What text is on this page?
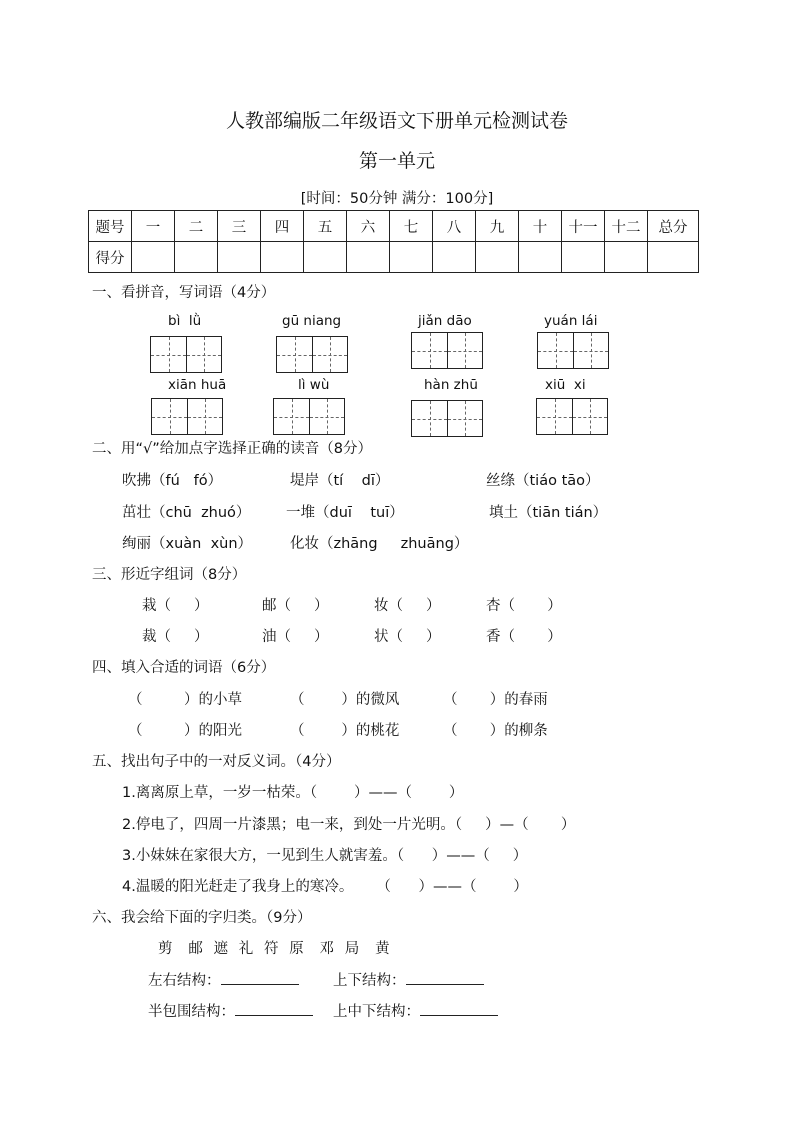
人教部编版二年级语文下册单元检测试卷
第一单元
[时间：50分钟 满分：100分]
题号	一	二	三	四	五	六	七	八	九	十	十一	十二	总分
得分													
一、看拼音，写词语（4分）
bì  lǜ	gū niang	jiǎn dāo	yuán lái
xiān huā	lì wù	hàn zhū	xiū  xi
二、用“√”给加点字选择正确的读音（8分）
吹拂（fú   fó）	堤岸（tí    dī）	丝绦（tiáo tāo）
茁壮（chū  zhuó） 一堆（duī    tuī）	填土（tiān tián）
绚丽（xuàn  xùn）	化妆（zhāng     zhuāng）
三、形近字组词（8分）
栽（     ）	邮（     ）	妆（     ）	杏（       ）
裁（     ）	油（     ）	状（     ）	香（       ）
四、填入合适的词语（6分）
（         ）的小草	（        ）的微风	（       ）的春雨
（         ）的阳光	（        ）的桃花	（       ）的柳条
五、找出句子中的一对反义词。（4分）
1.离离原上草，一岁一枯荣。（        ）——（        ）
2.停电了，四周一片漆黑；电一来，到处一片光明。（     ）—（       ）
3.小妹妹在家很大方，一见到生人就害羞。（      ）——（     ）
4.温暖的阳光赶走了我身上的寒冷。     （      ）——（        ）
六、我会给下面的字归类。（9分）
剪   邮  遮  礼  符  原   邓  局   黄
左右结构：	上下结构：
半包围结构：	上中下结构：
